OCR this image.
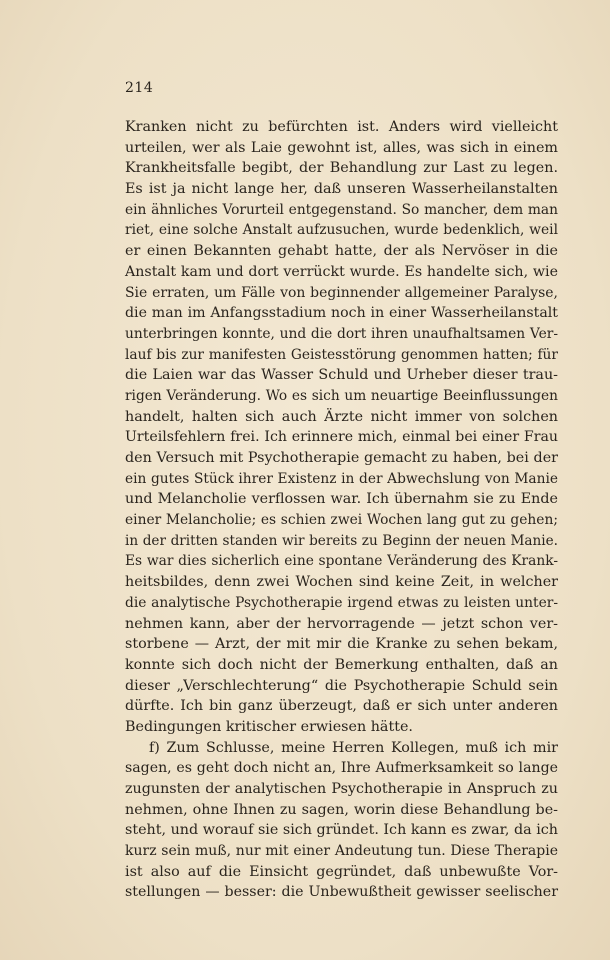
214
Kranken nicht zu befürchten ist. Anders wird vielleicht
urteilen, wer als Laie gewohnt ist, alles, was sich in einem
Krankheitsfalle begibt, der Behandlung zur Last zu legen.
Es ist ja nicht lange her, daß unseren Wasserheilanstalten
ein ähnliches Vorurteil entgegenstand. So mancher, dem man
riet, eine solche Anstalt aufzusuchen, wurde bedenklich, weil
er einen Bekannten gehabt hatte, der als Nervöser in die
Anstalt kam und dort verrückt wurde. Es handelte sich, wie
Sie erraten, um Fälle von beginnender allgemeiner Paralyse,
die man im Anfangsstadium noch in einer Wasserheilanstalt
unterbringen konnte, und die dort ihren unaufhaltsamen Ver-
lauf bis zur manifesten Geistesstörung genommen hatten; für
die Laien war das Wasser Schuld und Urheber dieser trau-
rigen Veränderung. Wo es sich um neuartige Beeinflussungen
handelt, halten sich auch Ärzte nicht immer von solchen
Urteilsfehlern frei. Ich erinnere mich, einmal bei einer Frau
den Versuch mit Psychotherapie gemacht zu haben, bei der
ein gutes Stück ihrer Existenz in der Abwechslung von Manie
und Melancholie verflossen war. Ich übernahm sie zu Ende
einer Melancholie; es schien zwei Wochen lang gut zu gehen;
in der dritten standen wir bereits zu Beginn der neuen Manie.
Es war dies sicherlich eine spontane Veränderung des Krank-
heitsbildes, denn zwei Wochen sind keine Zeit, in welcher
die analytische Psychotherapie irgend etwas zu leisten unter-
nehmen kann, aber der hervorragende — jetzt schon ver-
storbene — Arzt, der mit mir die Kranke zu sehen bekam,
konnte sich doch nicht der Bemerkung enthalten, daß an
dieser „Verschlechterung“ die Psychotherapie Schuld sein
dürfte. Ich bin ganz überzeugt, daß er sich unter anderen
Bedingungen kritischer erwiesen hätte.
f) Zum Schlusse, meine Herren Kollegen, muß ich mir
sagen, es geht doch nicht an, Ihre Aufmerksamkeit so lange
zugunsten der analytischen Psychotherapie in Anspruch zu
nehmen, ohne Ihnen zu sagen, worin diese Behandlung be-
steht, und worauf sie sich gründet. Ich kann es zwar, da ich
kurz sein muß, nur mit einer Andeutung tun. Diese Therapie
ist also auf die Einsicht gegründet, daß unbewußte Vor-
stellungen — besser: die Unbewußtheit gewisser seelischer
